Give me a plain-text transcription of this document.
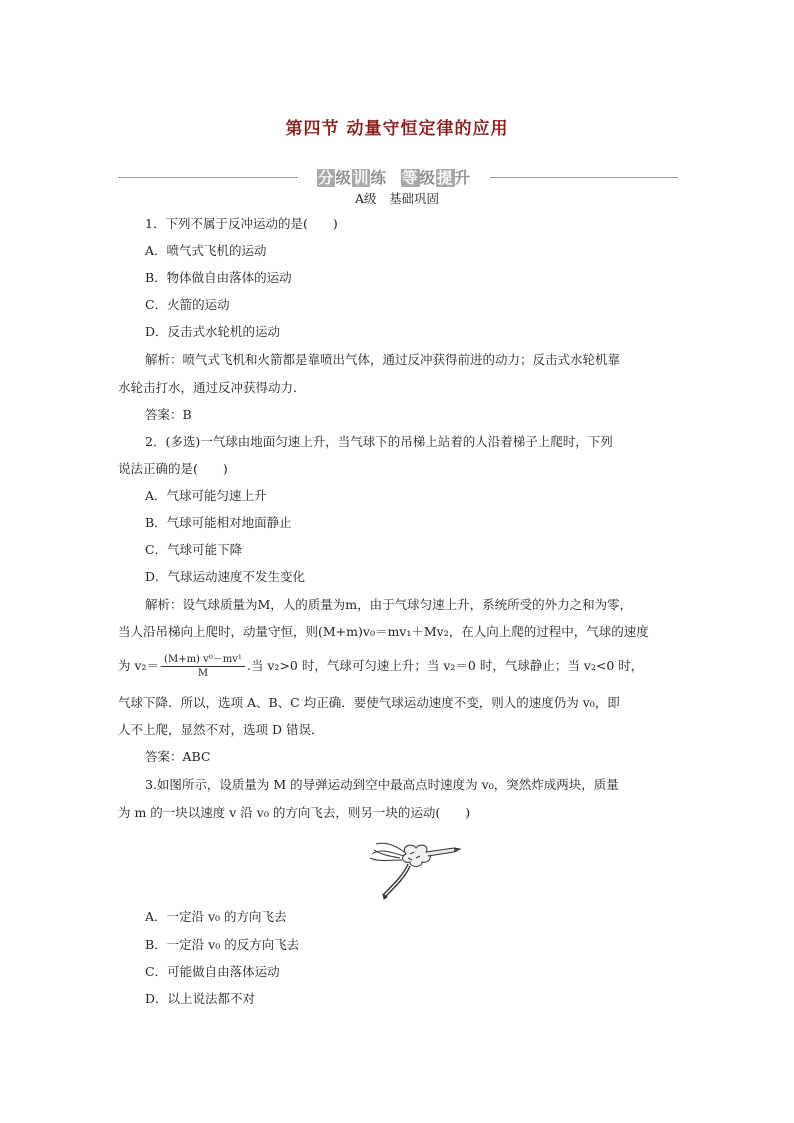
第四节 动量守恒定律的应用
分级训练 等级提升
A级　基础巩固
1．下列不属于反冲运动的是(　　)
A．喷气式飞机的运动
B．物体做自由落体的运动
C．火箭的运动
D．反击式水轮机的运动
解析：喷气式飞机和火箭都是靠喷出气体，通过反冲获得前进的动力；反击式水轮机靠
水轮击打水，通过反冲获得动力．
答案：B
2．(多选)一气球由地面匀速上升，当气球下的吊梯上站着的人沿着梯子上爬时，下列
说法正确的是(　　)
A．气球可能匀速上升
B．气球可能相对地面静止
C．气球可能下降
D．气球运动速度不发生变化
解析：设气球质量为M，人的质量为m，由于气球匀速上升，系统所受的外力之和为零，
当人沿吊梯向上爬时，动量守恒，则(M+m)v₀＝mv₁＋Mv₂，在人向上爬的过程中，气球的速度
为 $v_2= \frac{\text{(M+m) v⁰－mv¹}}{M}$ .当 v₂>0 时，气球可匀速上升；当 v₂＝0 时，气球静止；当 v₂<0 时，
气球下降．所以，选项 A、B、C 均正确．要使气球运动速度不变，则人的速度仍为 v₀，即
人不上爬，显然不对，选项 D 错误．
答案：ABC
3.如图所示，设质量为 M 的导弹运动到空中最高点时速度为 v₀，突然炸成两块，质量
为 m 的一块以速度 v 沿 v₀ 的方向飞去，则另一块的运动(　　)
A．一定沿 v₀ 的方向飞去
B．一定沿 v₀ 的反方向飞去
C．可能做自由落体运动
D．以上说法都不对
